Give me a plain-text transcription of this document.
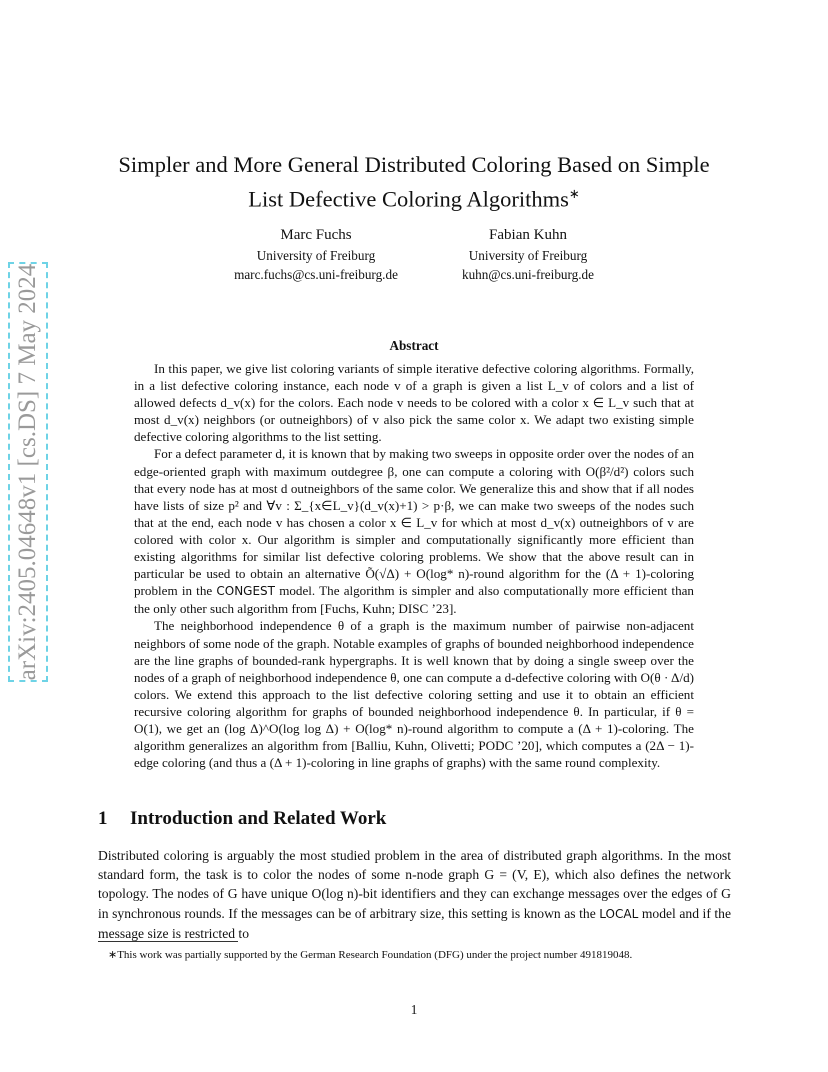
arXiv:2405.04648v1 [cs.DS] 7 May 2024
Simpler and More General Distributed Coloring Based on Simple
List Defective Coloring Algorithms∗
Marc Fuchs
University of Freiburg
marc.fuchs@cs.uni-freiburg.de
Fabian Kuhn
University of Freiburg
kuhn@cs.uni-freiburg.de
Abstract

In this paper, we give list coloring variants of simple iterative defective coloring algorithms. Formally, in a list defective coloring instance, each node v of a graph is given a list L_v of colors and a list of allowed defects d_v(x) for the colors. Each node v needs to be colored with a color x ∈ L_v such that at most d_v(x) neighbors (or outneighbors) of v also pick the same color x. We adapt two existing simple defective coloring algorithms to the list setting.

For a defect parameter d, it is known that by making two sweeps in opposite order over the nodes of an edge-oriented graph with maximum outdegree β, one can compute a coloring with O(β²/d²) colors such that every node has at most d outneighbors of the same color. We generalize this and show that if all nodes have lists of size p² and ∀v : Σ_{x∈L_v}(d_v(x)+1) > p·β, we can make two sweeps of the nodes such that at the end, each node v has chosen a color x ∈ L_v for which at most d_v(x) outneighbors of v are colored with color x. Our algorithm is simpler and computationally significantly more efficient than existing algorithms for similar list defective coloring problems. We show that the above result can in particular be used to obtain an alternative Õ(√Δ) + O(log* n)-round algorithm for the (Δ + 1)-coloring problem in the CONGEST model. The algorithm is simpler and also computationally more efficient than the only other such algorithm from [Fuchs, Kuhn; DISC ’23].

The neighborhood independence θ of a graph is the maximum number of pairwise non-adjacent neighbors of some node of the graph. Notable examples of graphs of bounded neighborhood independence are the line graphs of bounded-rank hypergraphs. It is well known that by doing a single sweep over the nodes of a graph of neighborhood independence θ, one can compute a d-defective coloring with O(θ · Δ/d) colors. We extend this approach to the list defective coloring setting and use it to obtain an efficient recursive coloring algorithm for graphs of bounded neighborhood independence θ. In particular, if θ = O(1), we get an (log Δ)^O(log log Δ) + O(log* n)-round algorithm to compute a (Δ + 1)-coloring. The algorithm generalizes an algorithm from [Balliu, Kuhn, Olivetti; PODC ’20], which computes a (2Δ − 1)-edge coloring (and thus a (Δ + 1)-coloring in line graphs of graphs) with the same round complexity.

1 Introduction and Related Work

Distributed coloring is arguably the most studied problem in the area of distributed graph algorithms. In the most standard form, the task is to color the nodes of some n-node graph G = (V, E), which also defines the network topology. The nodes of G have unique O(log n)-bit identifiers and they can exchange messages over the edges of G in synchronous rounds. If the messages can be of arbitrary size, this setting is known as the LOCAL model and if the message size is restricted to

∗This work was partially supported by the German Research Foundation (DFG) under the project number 491819048.

1
